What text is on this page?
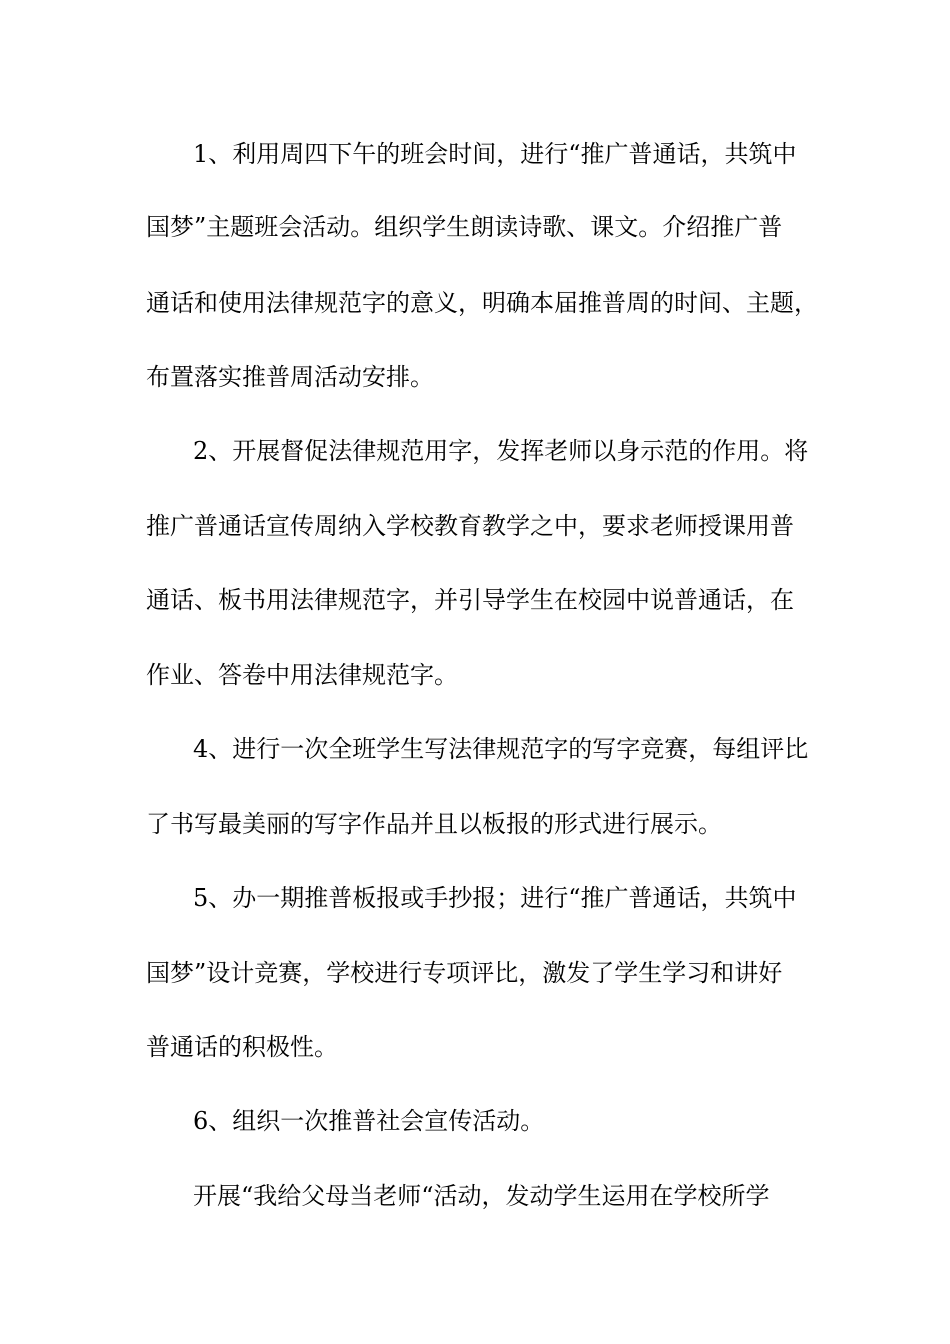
1、利用周四下午的班会时间，进行“推广普通话，共筑中
国梦”主题班会活动。组织学生朗读诗歌、课文。介绍推广普
通话和使用法律规范字的意义，明确本届推普周的时间、主题，
布置落实推普周活动安排。
2、开展督促法律规范用字，发挥老师以身示范的作用。将
推广普通话宣传周纳入学校教育教学之中，要求老师授课用普
通话、板书用法律规范字，并引导学生在校园中说普通话，在
作业、答卷中用法律规范字。
4、进行一次全班学生写法律规范字的写字竞赛，每组评比
了书写最美丽的写字作品并且以板报的形式进行展示。
5、办一期推普板报或手抄报；进行“推广普通话，共筑中
国梦”设计竞赛，学校进行专项评比，激发了学生学习和讲好
普通话的积极性。
6、组织一次推普社会宣传活动。
开展“我给父母当老师“活动，发动学生运用在学校所学
